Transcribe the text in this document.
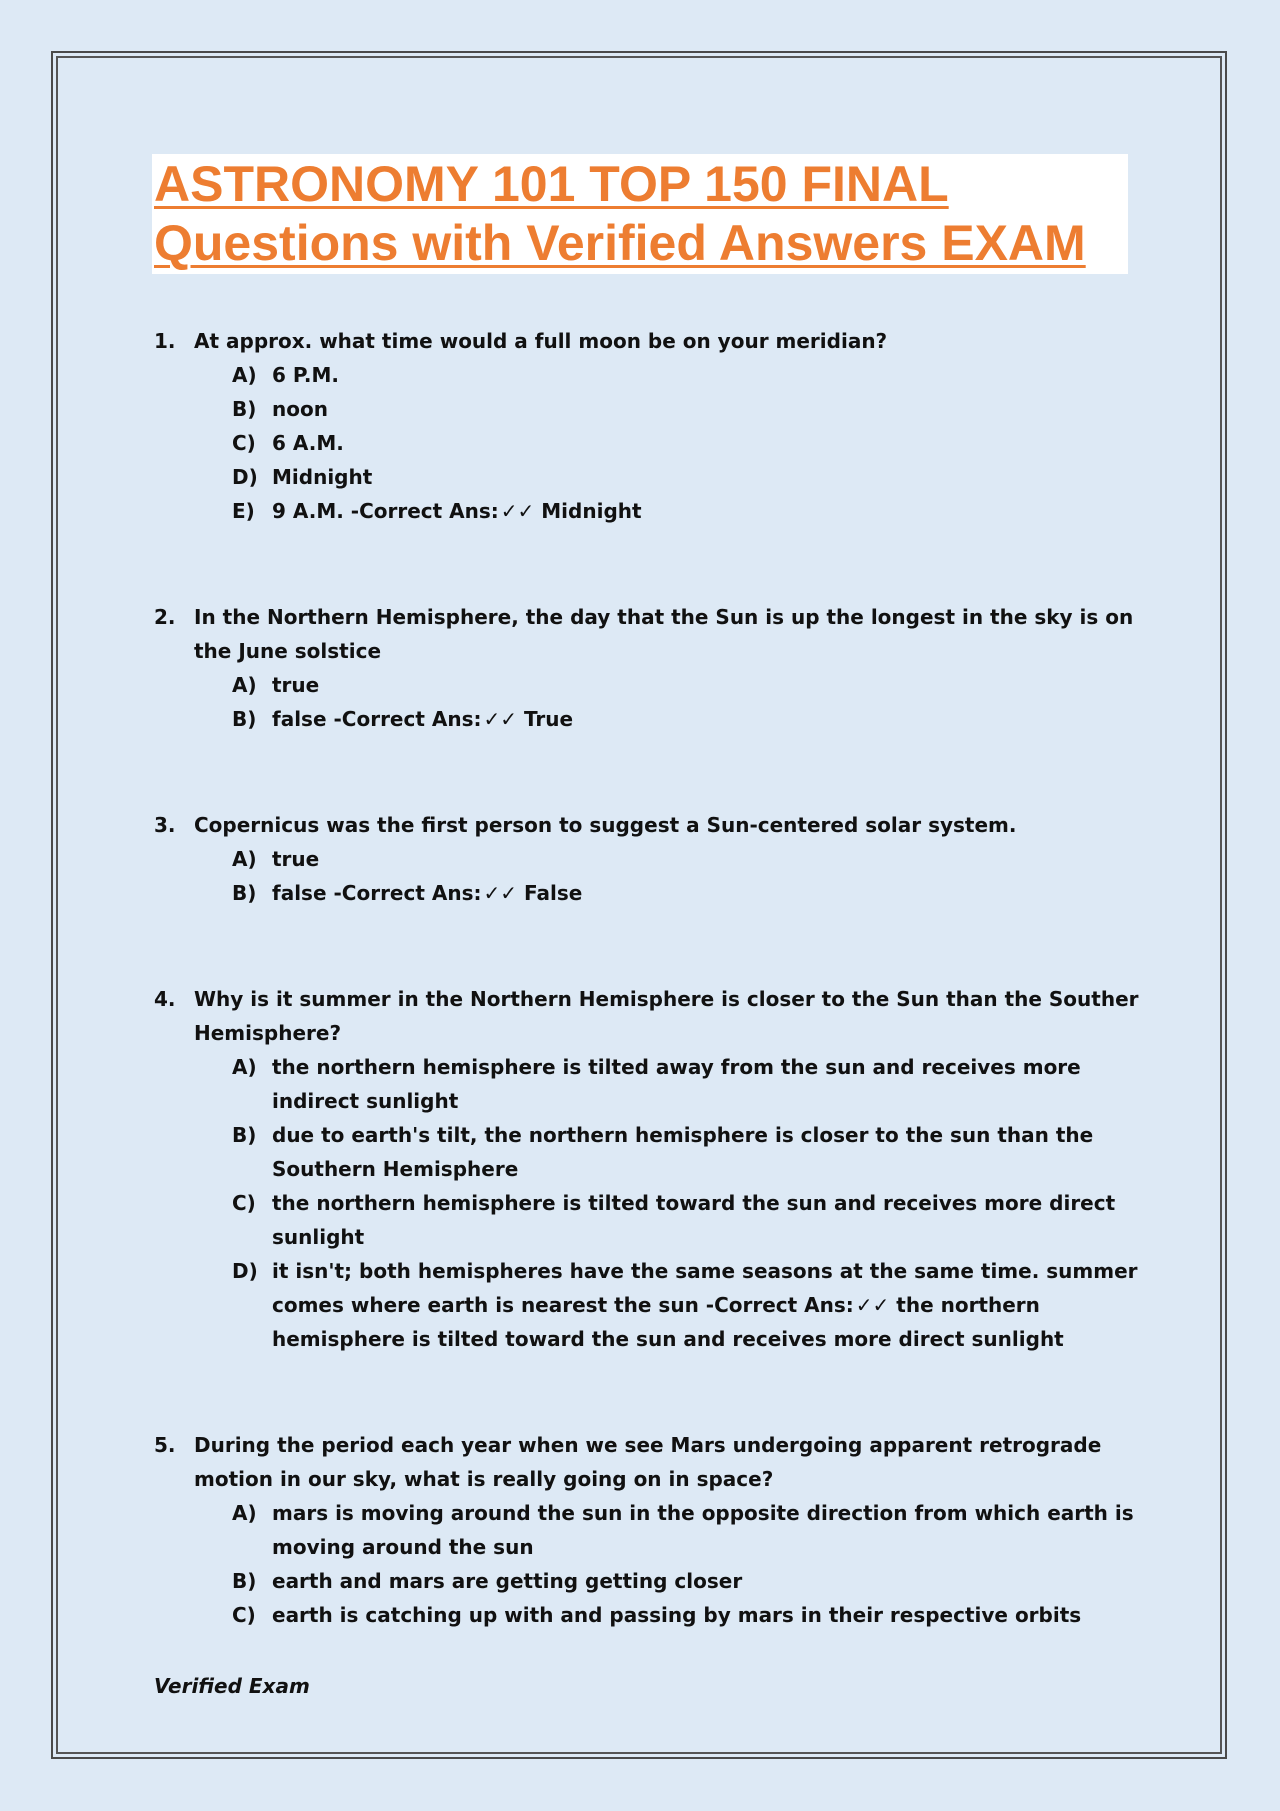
ASTRONOMY 101 TOP 150 FINAL
Questions with Verified Answers EXAM
1. At approx. what time would a full moon be on your meridian?
A) 6 P.M.
B) noon
C) 6 A.M.
D) Midnight
E) 9 A.M. -Correct Ans: ✓✓ Midnight
2. In the Northern Hemisphere, the day that the Sun is up the longest in the sky is on the June solstice
A) true
B) false -Correct Ans: ✓✓ True
3. Copernicus was the first person to suggest a Sun-centered solar system.
A) true
B) false -Correct Ans: ✓✓ False
4. Why is it summer in the Northern Hemisphere is closer to the Sun than the Souther Hemisphere?
A) the northern hemisphere is tilted away from the sun and receives more indirect sunlight
B) due to earth's tilt, the northern hemisphere is closer to the sun than the Southern Hemisphere
C) the northern hemisphere is tilted toward the sun and receives more direct sunlight
D) it isn't; both hemispheres have the same seasons at the same time. summer comes where earth is nearest the sun -Correct Ans: ✓✓ the northern hemisphere is tilted toward the sun and receives more direct sunlight
5. During the period each year when we see Mars undergoing apparent retrograde motion in our sky, what is really going on in space?
A) mars is moving around the sun in the opposite direction from which earth is moving around the sun
B) earth and mars are getting getting closer
C) earth is catching up with and passing by mars in their respective orbits
Verified Exam
